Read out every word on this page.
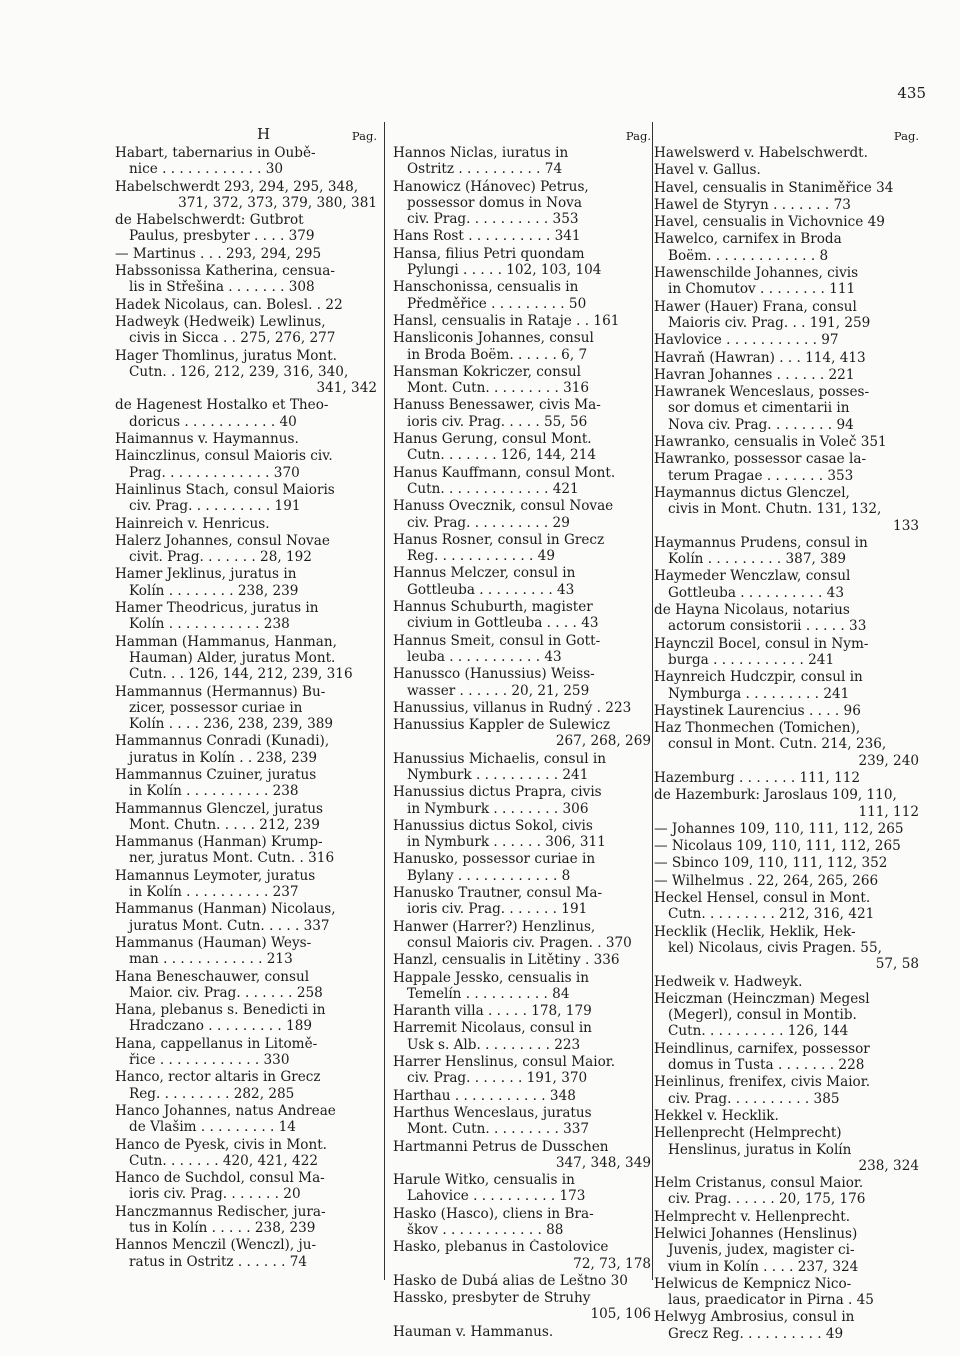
435
H	Pag.
Habart, tabernarius in Oubě-
nice . . . . . . . . . . . . 30
Habelschwerdt 293, 294, 295, 348,
371, 372, 373, 379, 380, 381
de Habelschwerdt: Gutbrot
Paulus, presbyter . . . . 379
— Martinus . . . 293, 294, 295
Habssonissa Katherina, censua-
lis in Střešina . . . . . . . 308
Hadek Nicolaus, can. Bolesl. . 22
Hadweyk (Hedweik) Lewlinus,
civis in Sicca . . 275, 276, 277
Hager Thomlinus, juratus Mont.
Cutn. . 126, 212, 239, 316, 340,
341, 342
de Hagenest Hostalko et Theo-
doricus . . . . . . . . . . . 40
Haimannus v. Haymannus.
Hainczlinus, consul Maioris civ.
Prag. . . . . . . . . . . . . 370
Hainlinus Stach, consul Maioris
civ. Prag. . . . . . . . . . 191
Hainreich v. Henricus.
Halerz Johannes, consul Novae
civit. Prag. . . . . . . 28, 192
Hamer Jeklinus, juratus in
Kolín . . . . . . . . 238, 239
Hamer Theodricus, juratus in
Kolín . . . . . . . . . . . 238
Hamman (Hammanus, Hanman,
Hauman) Alder, juratus Mont.
Cutn. . . 126, 144, 212, 239, 316
Hammannus (Hermannus) Bu-
zicer, possessor curiae in
Kolín . . . . 236, 238, 239, 389
Hammannus Conradi (Kunadi),
juratus in Kolín . . 238, 239
Hammannus Czuiner, juratus
in Kolín . . . . . . . . . . 238
Hammannus Glenczel, juratus
Mont. Chutn. . . . . 212, 239
Hammanus (Hanman) Krump-
ner, juratus Mont. Cutn. . 316
Hamannus Leymoter, juratus
in Kolín . . . . . . . . . . 237
Hammanus (Hanman) Nicolaus,
juratus Mont. Cutn. . . . . 337
Hammanus (Hauman) Weys-
man . . . . . . . . . . . . 213
Hana Beneschauwer, consul
Maior. civ. Prag. . . . . . . 258
Hana, plebanus s. Benedicti in
Hradczano . . . . . . . . . 189
Hana, cappellanus in Litomě-
řice . . . . . . . . . . . . 330
Hanco, rector altaris in Grecz
Reg. . . . . . . . . 282, 285
Hanco Johannes, natus Andreae
de Vlašim . . . . . . . . . 14
Hanco de Pyesk, civis in Mont.
Cutn. . . . . . . 420, 421, 422
Hanco de Suchdol, consul Ma-
ioris civ. Prag. . . . . . . 20
Hanczmannus Redischer, jura-
tus in Kolín . . . . . 238, 239
Hannos Menczil (Wenczl), ju-
ratus in Ostritz . . . . . . 74
Pag.
Hannos Niclas, iuratus in
Ostritz . . . . . . . . . . 74
Hanowicz (Hánovec) Petrus,
possessor domus in Nova
civ. Prag. . . . . . . . . . 353
Hans Rost . . . . . . . . . . 341
Hansa, filius Petri quondam
Pylungi . . . . . 102, 103, 104
Hanschonissa, censualis in
Předměřice . . . . . . . . . 50
Hansl, censualis in Rataje . . 161
Hansliconis Johannes, consul
in Broda Boëm. . . . . . 6, 7
Hansman Kokriczer, consul
Mont. Cutn. . . . . . . . . 316
Hanuss Benessawer, civis Ma-
ioris civ. Prag. . . . . 55, 56
Hanus Gerung, consul Mont.
Cutn. . . . . . . 126, 144, 214
Hanus Kauffmann, consul Mont.
Cutn. . . . . . . . . . . . . 421
Hanuss Ovecznik, consul Novae
civ. Prag. . . . . . . . . . 29
Hanus Rosner, consul in Grecz
Reg. . . . . . . . . . . . 49
Hannus Melczer, consul in
Gottleuba . . . . . . . . . 43
Hannus Schuburth, magister
civium in Gottleuba . . . . 43
Hannus Smeit, consul in Gott-
leuba . . . . . . . . . . . 43
Hanussco (Hanussius) Weiss-
wasser . . . . . . 20, 21, 259
Hanussius, villanus in Rudný . 223
Hanussius Kappler de Sulewicz
267, 268, 269
Hanussius Michaelis, consul in
Nymburk . . . . . . . . . . 241
Hanussius dictus Prapra, civis
in Nymburk . . . . . . . . 306
Hanussius dictus Sokol, civis
in Nymburk . . . . . . 306, 311
Hanusko, possessor curiae in
Bylany . . . . . . . . . . . . 8
Hanusko Trautner, consul Ma-
ioris civ. Prag. . . . . . . 191
Hanwer (Harrer?) Henzlinus,
consul Maioris civ. Pragen. . 370
Hanzl, censualis in Litětiny . 336
Happale Jessko, censualis in
Temelín . . . . . . . . . . 84
Haranth villa . . . . . 178, 179
Harremit Nicolaus, consul in
Usk s. Alb. . . . . . . . . 223
Harrer Henslinus, consul Maior.
civ. Prag. . . . . . . 191, 370
Harthau . . . . . . . . . . . 348
Harthus Wenceslaus, juratus
Mont. Cutn. . . . . . . . . 337
Hartmanni Petrus de Dusschen
347, 348, 349
Harule Witko, censualis in
Lahovice . . . . . . . . . . 173
Hasko (Hasco), cliens in Bra-
škov . . . . . . . . . . . . 88
Hasko, plebanus in Častolovice
72, 73, 178
Hasko de Dubá alias de Leštno 30
Hassko, presbyter de Struhy
105, 106
Hauman v. Hammanus.
Pag.
Hawelswerd v. Habelschwerdt.
Havel v. Gallus.
Havel, censualis in Staniměřice 34
Hawel de Styryn . . . . . . . 73
Havel, censualis in Vichovnice 49
Hawelco, carnifex in Broda
Boëm. . . . . . . . . . . . . 8
Hawenschilde Johannes, civis
in Chomutov . . . . . . . . 111
Hawer (Hauer) Frana, consul
Maioris civ. Prag. . . 191, 259
Havlovice . . . . . . . . . . . 97
Havraň (Hawran) . . . 114, 413
Havran Johannes . . . . . . 221
Hawranek Wenceslaus, posses-
sor domus et cimentarii in
Nova civ. Prag. . . . . . . . 94
Hawranko, censualis in Voleč 351
Hawranko, possessor casae la-
terum Pragae . . . . . . . 353
Haymannus dictus Glenczel,
civis in Mont. Chutn. 131, 132,
133
Haymannus Prudens, consul in
Kolín . . . . . . . . . 387, 389
Haymeder Wenczlaw, consul
Gottleuba . . . . . . . . . . 43
de Hayna Nicolaus, notarius
actorum consistorii . . . . . 33
Haynczil Bocel, consul in Nym-
burga . . . . . . . . . . . 241
Haynreich Hudczpir, consul in
Nymburga . . . . . . . . . 241
Haystinek Laurencius . . . . 96
Haz Thonmechen (Tomichen),
consul in Mont. Cutn. 214, 236,
239, 240
Hazemburg . . . . . . . 111, 112
de Hazemburk: Jaroslaus 109, 110,
111, 112
— Johannes 109, 110, 111, 112, 265
— Nicolaus 109, 110, 111, 112, 265
— Sbinco 109, 110, 111, 112, 352
— Wilhelmus . 22, 264, 265, 266
Heckel Hensel, consul in Mont.
Cutn. . . . . . . . . 212, 316, 421
Hecklik (Heclik, Heklik, Hek-
kel) Nicolaus, civis Pragen. 55,
57, 58
Hedweik v. Hadweyk.
Heiczman (Heinczman) Megesl
(Megerl), consul in Montib.
Cutn. . . . . . . . . . 126, 144
Heindlinus, carnifex, possessor
domus in Tusta . . . . . . . 228
Heinlinus, frenifex, civis Maior.
civ. Prag. . . . . . . . . . 385
Hekkel v. Hecklik.
Hellenprecht (Helmprecht)
Henslinus, juratus in Kolín
238, 324
Helm Cristanus, consul Maior.
civ. Prag. . . . . . 20, 175, 176
Helmprecht v. Hellenprecht.
Helwici Johannes (Henslinus)
Juvenis, judex, magister ci-
vium in Kolín . . . . 237, 324
Helwicus de Kempnicz Nico-
laus, praedicator in Pirna . 45
Helwyg Ambrosius, consul in
Grecz Reg. . . . . . . . . . 49
